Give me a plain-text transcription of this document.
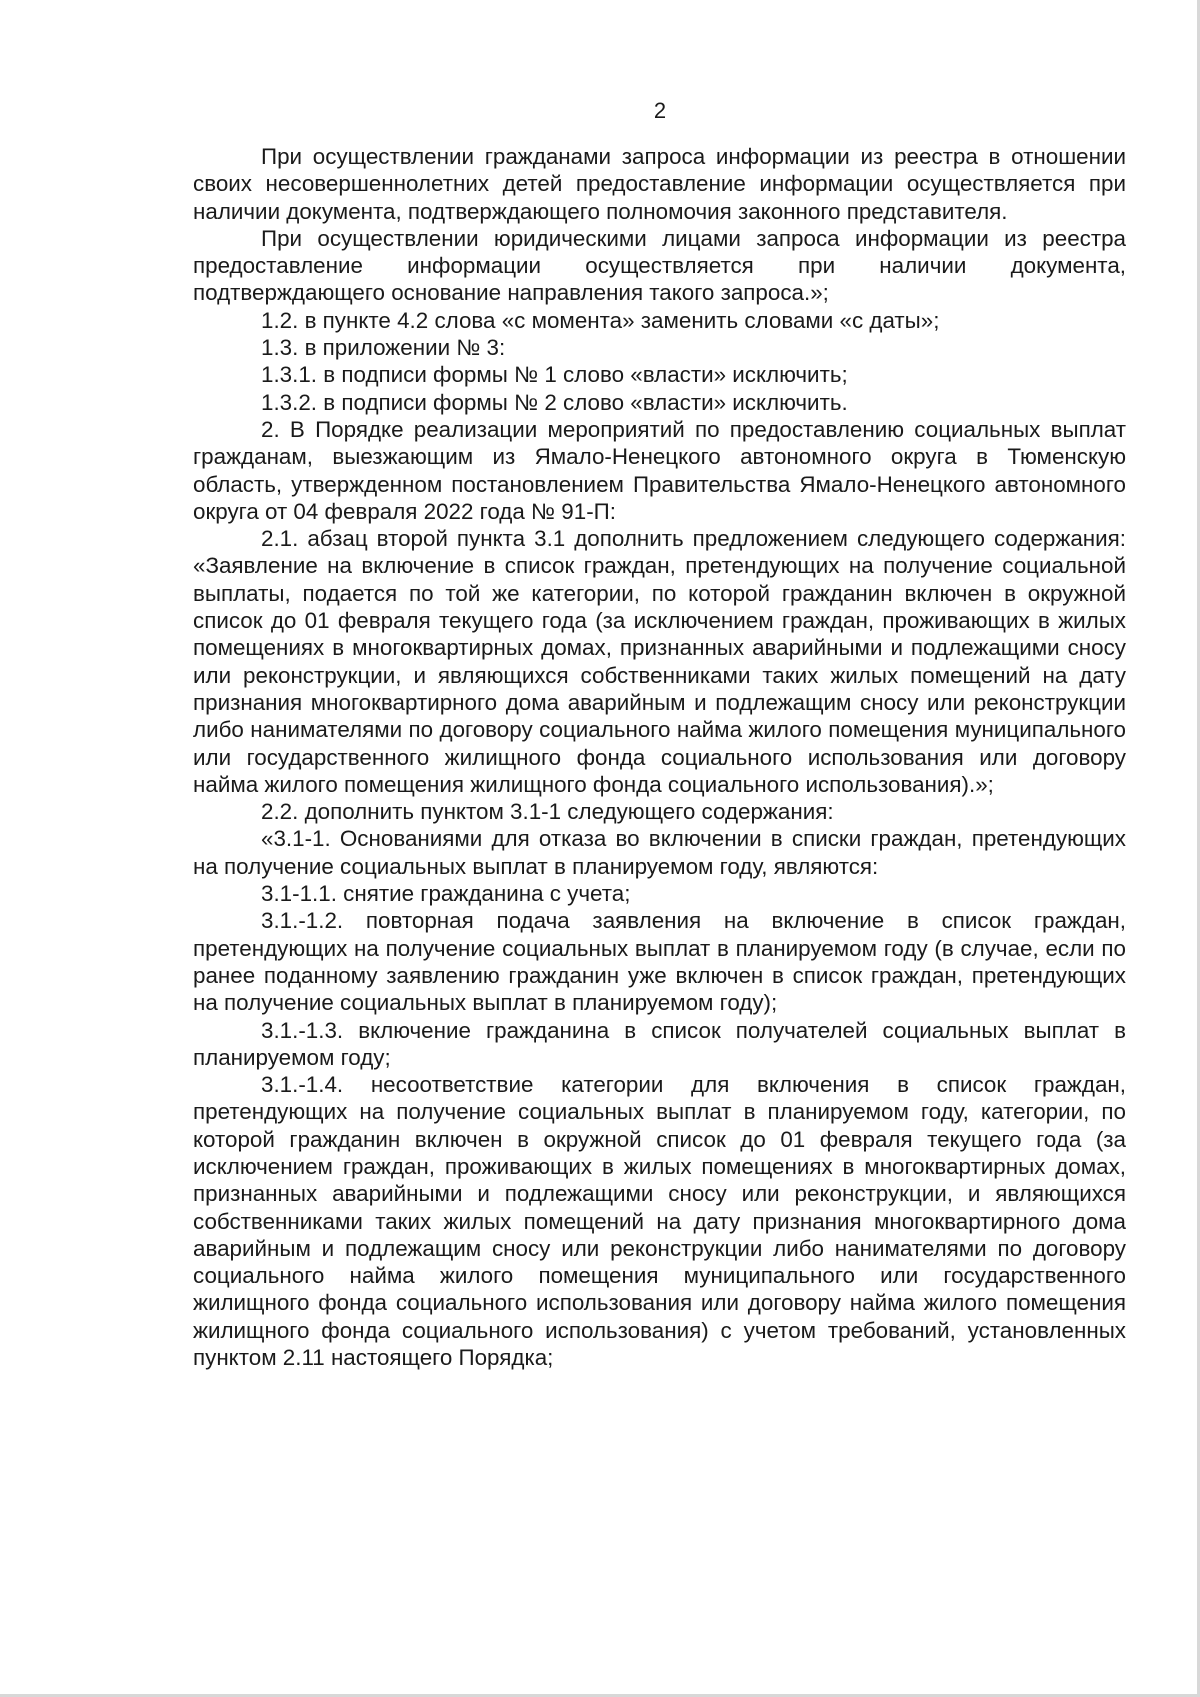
2

При осуществлении гражданами запроса информации из реестра в отношении своих несовершеннолетних детей предоставление информации осуществляется при наличии документа, подтверждающего полномочия законного представителя.

При осуществлении юридическими лицами запроса информации из реестра предоставление информации осуществляется при наличии документа, подтверждающего основание направления такого запроса.»;

1.2. в пункте 4.2 слова «с момента» заменить словами «с даты»;

1.3. в приложении № 3:

1.3.1. в подписи формы № 1 слово «власти» исключить;

1.3.2. в подписи формы № 2 слово «власти» исключить.

2. В Порядке реализации мероприятий по предоставлению социальных выплат гражданам, выезжающим из Ямало-Ненецкого автономного округа в Тюменскую область, утвержденном постановлением Правительства Ямало-Ненецкого автономного округа от 04 февраля 2022 года № 91-П:

2.1. абзац второй пункта 3.1 дополнить предложением следующего содержания: «Заявление на включение в список граждан, претендующих на получение социальной выплаты, подается по той же категории, по которой гражданин включен в окружной список до 01 февраля текущего года (за исключением граждан, проживающих в жилых помещениях в многоквартирных домах, признанных аварийными и подлежащими сносу или реконструкции, и являющихся собственниками таких жилых помещений на дату признания многоквартирного дома аварийным и подлежащим сносу или реконструкции либо нанимателями по договору социального найма жилого помещения муниципального или государственного жилищного фонда социального использования или договору найма жилого помещения жилищного фонда социального использования).»;

2.2. дополнить пунктом 3.1-1 следующего содержания:

«3.1-1. Основаниями для отказа во включении в списки граждан, претендующих на получение социальных выплат в планируемом году, являются:

3.1-1.1. снятие гражданина с учета;

3.1.-1.2. повторная подача заявления на включение в список граждан, претендующих на получение социальных выплат в планируемом году (в случае, если по ранее поданному заявлению гражданин уже включен в список граждан, претендующих на получение социальных выплат в планируемом году);

3.1.-1.3. включение гражданина в список получателей социальных выплат в планируемом году;

3.1.-1.4. несоответствие категории для включения в список граждан, претендующих на получение социальных выплат в планируемом году, категории, по которой гражданин включен в окружной список до 01 февраля текущего года (за исключением граждан, проживающих в жилых помещениях в многоквартирных домах, признанных аварийными и подлежащими сносу или реконструкции, и являющихся собственниками таких жилых помещений на дату признания многоквартирного дома аварийным и подлежащим сносу или реконструкции либо нанимателями по договору социального найма жилого помещения муниципального или государственного жилищного фонда социального использования или договору найма жилого помещения жилищного фонда социального использования) с учетом требований, установленных пунктом 2.11 настоящего Порядка;
